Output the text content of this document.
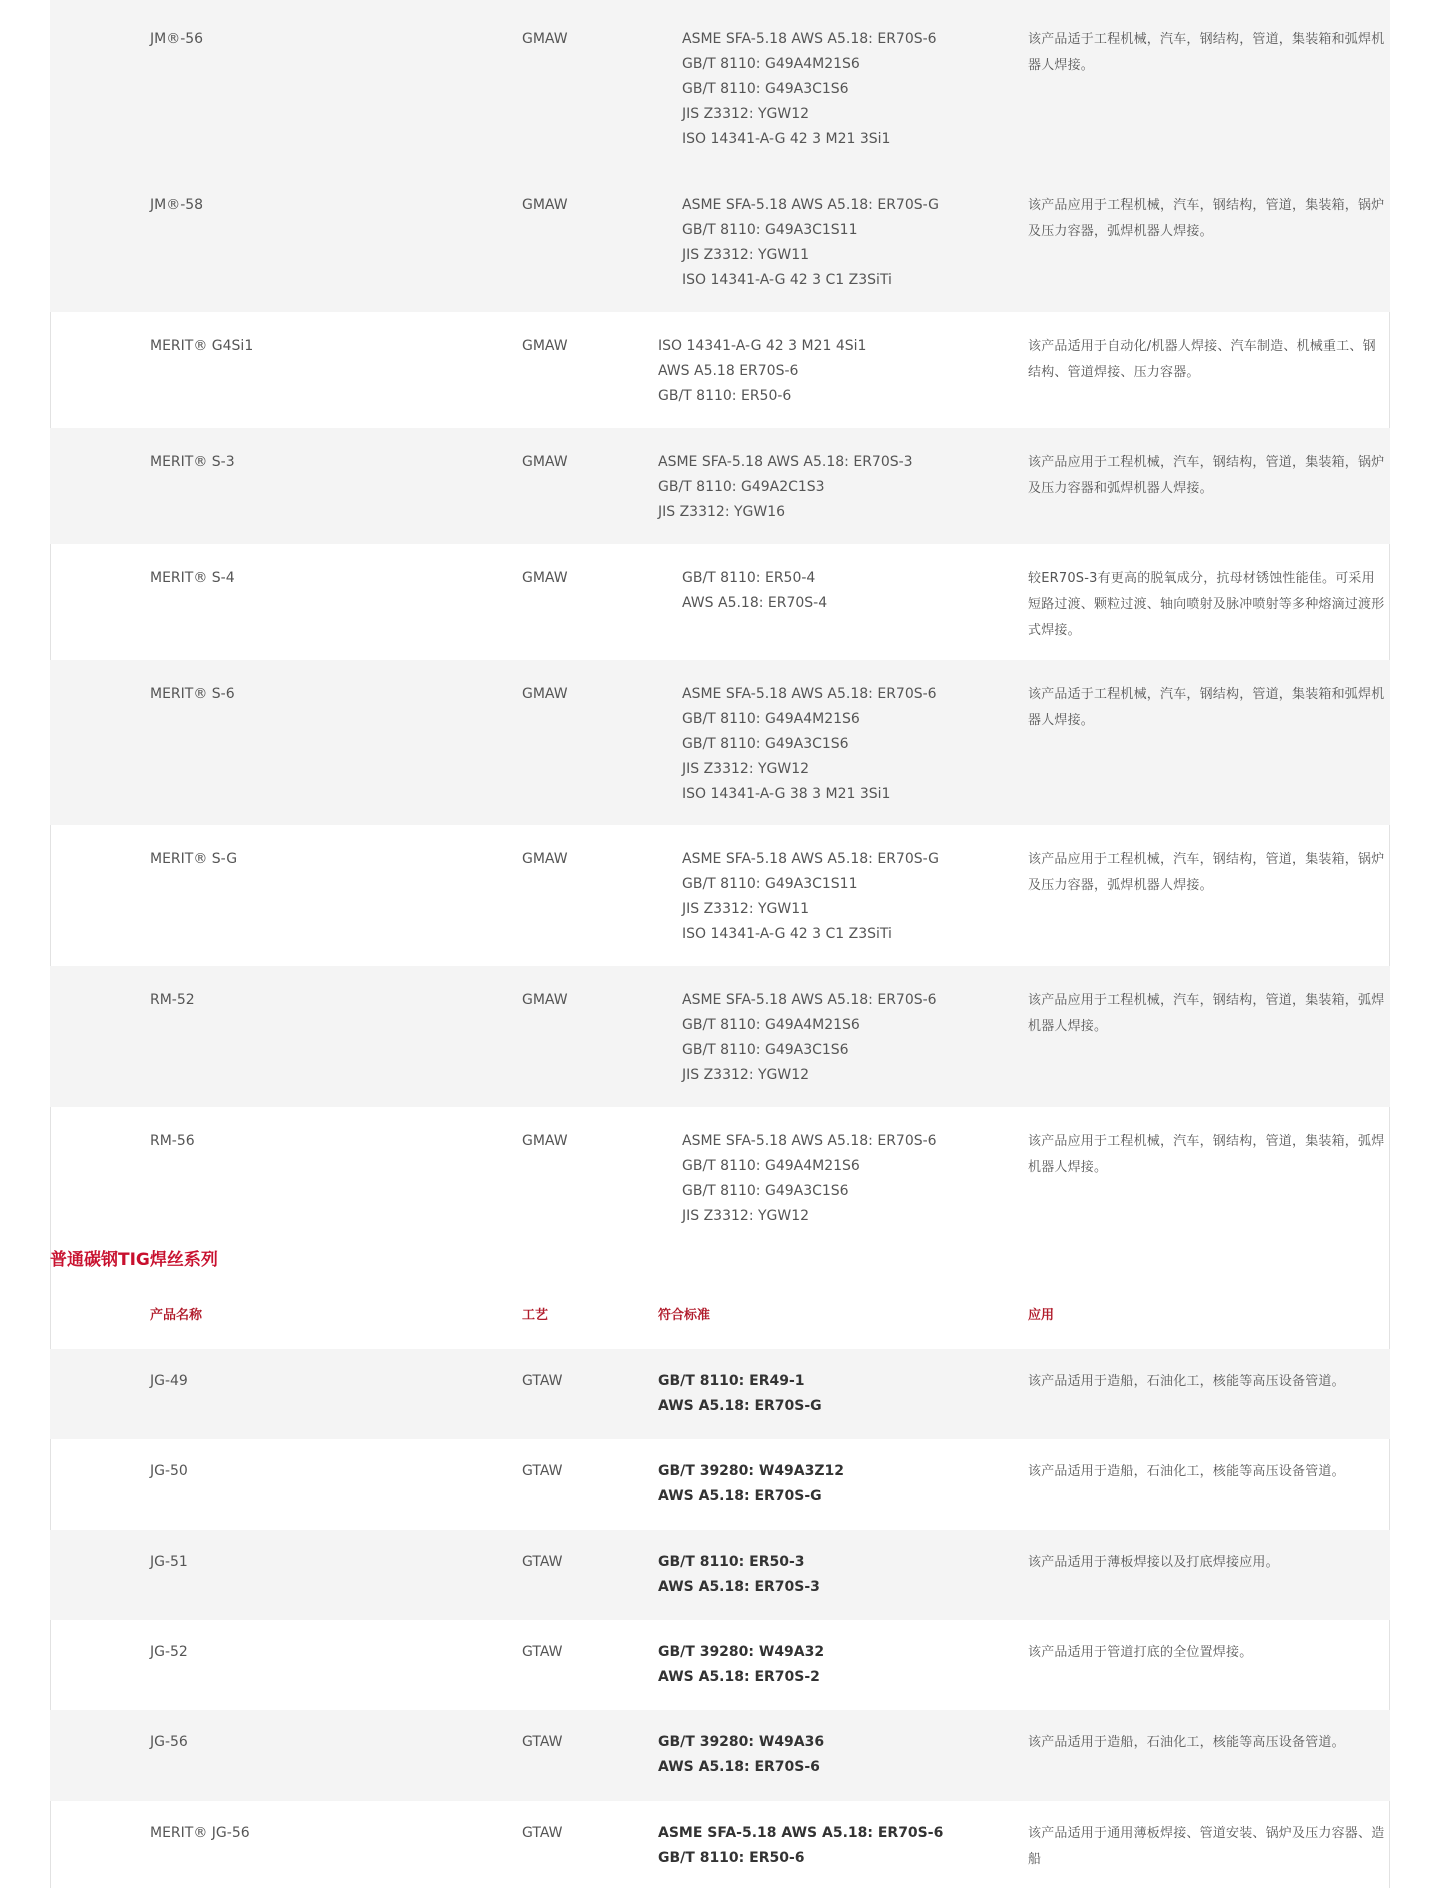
JM®-56	GMAW	ASME SFA-5.18 AWS A5.18: ER70S-6
GB/T 8110: G49A4M21S6
GB/T 8110: G49A3C1S6
JIS Z3312: YGW12
ISO 14341-A-G 42 3 M21 3Si1
该产品适于工程机械，汽车，钢结构，管道，集装箱和弧焊机器人焊接。
JM®-58	GMAW	ASME SFA-5.18 AWS A5.18: ER70S-G
GB/T 8110: G49A3C1S11
JIS Z3312: YGW11
ISO 14341-A-G 42 3 C1 Z3SiTi
该产品应用于工程机械，汽车，钢结构，管道，集装箱，锅炉及压力容器，弧焊机器人焊接。
MERIT® G4Si1	GMAW	ISO 14341-A-G 42 3 M21 4Si1
AWS A5.18 ER70S-6
GB/T 8110: ER50-6
该产品适用于自动化/机器人焊接、汽车制造、机械重工、钢结构、管道焊接、压力容器。
MERIT® S-3	GMAW	ASME SFA-5.18 AWS A5.18: ER70S-3
GB/T 8110: G49A2C1S3
JIS Z3312: YGW16
该产品应用于工程机械，汽车，钢结构，管道，集装箱，锅炉及压力容器和弧焊机器人焊接。
MERIT® S-4	GMAW	GB/T 8110: ER50-4
AWS A5.18: ER70S-4
较ER70S-3有更高的脱氧成分，抗母材锈蚀性能佳。可采用短路过渡、颗粒过渡、轴向喷射及脉冲喷射等多种熔滴过渡形式焊接。
MERIT® S-6	GMAW	ASME SFA-5.18 AWS A5.18: ER70S-6
GB/T 8110: G49A4M21S6
GB/T 8110: G49A3C1S6
JIS Z3312: YGW12
ISO 14341-A-G 38 3 M21 3Si1
该产品适于工程机械，汽车，钢结构，管道，集装箱和弧焊机器人焊接。
MERIT® S-G	GMAW	ASME SFA-5.18 AWS A5.18: ER70S-G
GB/T 8110: G49A3C1S11
JIS Z3312: YGW11
ISO 14341-A-G 42 3 C1 Z3SiTi
该产品应用于工程机械，汽车，钢结构，管道，集装箱，锅炉及压力容器，弧焊机器人焊接。
RM-52	GMAW	ASME SFA-5.18 AWS A5.18: ER70S-6
GB/T 8110: G49A4M21S6
GB/T 8110: G49A3C1S6
JIS Z3312: YGW12
该产品应用于工程机械，汽车，钢结构，管道，集装箱，弧焊机器人焊接。
RM-56	GMAW	ASME SFA-5.18 AWS A5.18: ER70S-6
GB/T 8110: G49A4M21S6
GB/T 8110: G49A3C1S6
JIS Z3312: YGW12
该产品应用于工程机械，汽车，钢结构，管道，集装箱，弧焊机器人焊接。
普通碳钢TIG焊丝系列
产品名称	工艺	符合标准	应用
JG-49	GTAW	GB/T 8110: ER49-1
AWS A5.18: ER70S-G
该产品适用于造船，石油化工，核能等高压设备管道。
JG-50	GTAW	GB/T 39280: W49A3Z12
AWS A5.18: ER70S-G
该产品适用于造船，石油化工，核能等高压设备管道。
JG-51	GTAW	GB/T 8110: ER50-3
AWS A5.18: ER70S-3
该产品适用于薄板焊接以及打底焊接应用。
JG-52	GTAW	GB/T 39280: W49A32
AWS A5.18: ER70S-2
该产品适用于管道打底的全位置焊接。
JG-56	GTAW	GB/T 39280: W49A36
AWS A5.18: ER70S-6
该产品适用于造船，石油化工，核能等高压设备管道。
MERIT® JG-56	GTAW	ASME SFA-5.18 AWS A5.18: ER70S-6
GB/T 8110: ER50-6
该产品适用于通用薄板焊接、管道安装、锅炉及压力容器、造船
